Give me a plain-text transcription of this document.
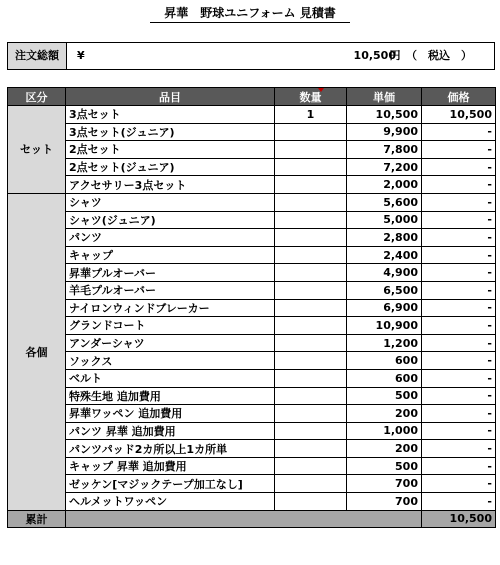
昇華　野球ユニフォーム 見積書
注文総額	¥	10,500
円　（　税込　）
区分	品目	数量	単価	価格
セット	3点セット	1	10,500	10,500
	3点セット(ジュニア)		9,900	-
	2点セット		7,800	-
	2点セット(ジュニア)		7,200	-
	アクセサリー3点セット		2,000	-
各個	シャツ		5,600	-
	シャツ(ジュニア)		5,000	-
	パンツ		2,800	-
	キャップ		2,400	-
	昇華プルオーバー		4,900	-
	羊毛プルオーバー		6,500	-
	ナイロンウィンドブレーカー		6,900	-
	グランドコート		10,900	-
	アンダーシャツ		1,200	-
	ソックス		600	-
	ベルト		600	-
	特殊生地 追加費用		500	-
	昇華ワッペン 追加費用		200	-
	パンツ 昇華 追加費用		1,000	-
	パンツパッド2カ所以上1カ所単		200	-
	キャップ 昇華 追加費用		500	-
	ゼッケン[マジックテープ加工なし]		700	-
	ヘルメットワッペン		700	-
累計				10,500
